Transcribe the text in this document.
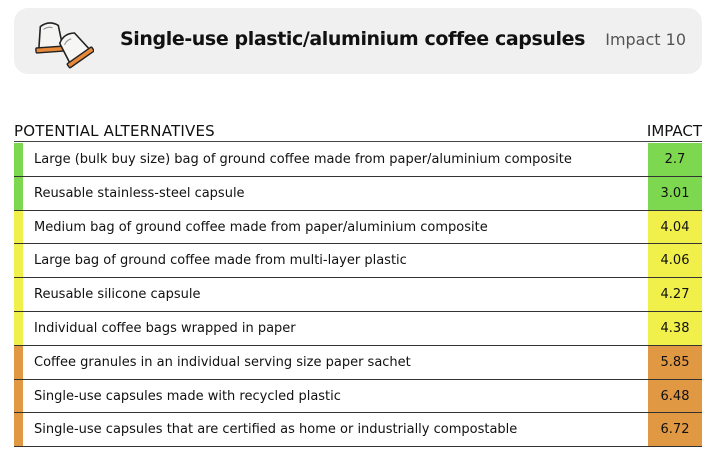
Single-use plastic/aluminium coffee capsules Impact 10
POTENTIAL ALTERNATIVES	IMPACT
Large (bulk buy size) bag of ground coffee made from paper/aluminium composite	2.7
Reusable stainless-steel capsule	3.01
Medium bag of ground coffee made from paper/aluminium composite	4.04
Large bag of ground coffee made from multi-layer plastic	4.06
Reusable silicone capsule	4.27
Individual coffee bags wrapped in paper	4.38
Coffee granules in an individual serving size paper sachet	5.85
Single-use capsules made with recycled plastic	6.48
Single-use capsules that are certified as home or industrially compostable	6.72
